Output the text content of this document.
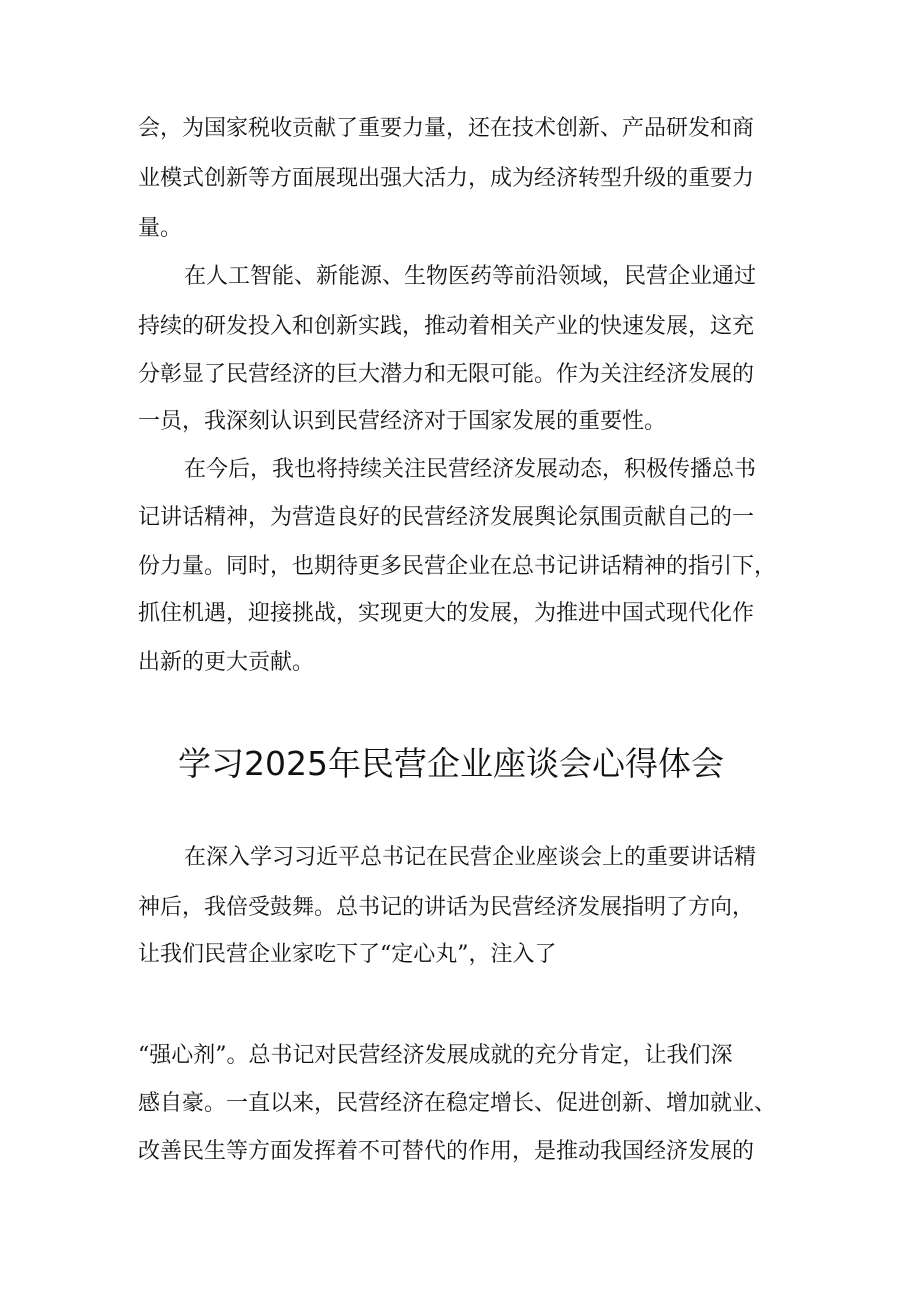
会，为国家税收贡献了重要力量，还在技术创新、产品研发和商

业模式创新等方面展现出强大活力，成为经济转型升级的重要力

量。

在人工智能、新能源、生物医药等前沿领域，民营企业通过

持续的研发投入和创新实践，推动着相关产业的快速发展，这充

分彰显了民营经济的巨大潜力和无限可能。作为关注经济发展的

一员，我深刻认识到民营经济对于国家发展的重要性。

在今后，我也将持续关注民营经济发展动态，积极传播总书

记讲话精神，为营造良好的民营经济发展舆论氛围贡献自己的一

份力量。同时，也期待更多民营企业在总书记讲话精神的指引下，

抓住机遇，迎接挑战，实现更大的发展，为推进中国式现代化作

出新的更大贡献。

学习2025年民营企业座谈会心得体会

在深入学习习近平总书记在民营企业座谈会上的重要讲话精

神后，我倍受鼓舞。总书记的讲话为民营经济发展指明了方向，

让我们民营企业家吃下了“定心丸”，注入了

“强心剂”。总书记对民营经济发展成就的充分肯定，让我们深

感自豪。一直以来，民营经济在稳定增长、促进创新、增加就业、

改善民生等方面发挥着不可替代的作用，是推动我国经济发展的
